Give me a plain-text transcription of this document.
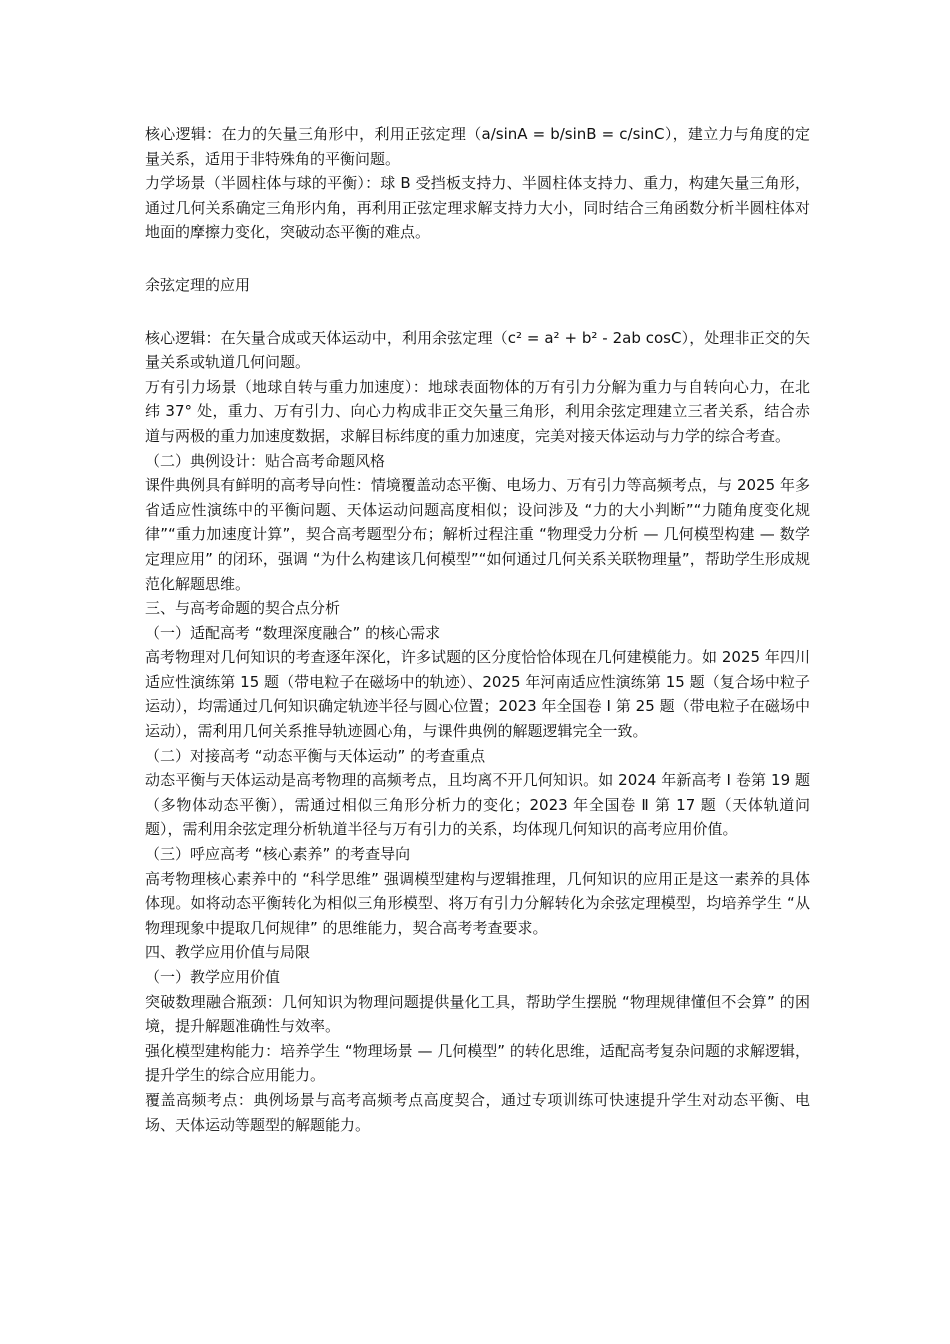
核心逻辑：在力的矢量三角形中，利用正弦定理（a/sinA = b/sinB = c/sinC），建立力与角度的定量关系，适用于非特殊角的平衡问题。

力学场景（半圆柱体与球的平衡）：球 B 受挡板支持力、半圆柱体支持力、重力，构建矢量三角形，通过几何关系确定三角形内角，再利用正弦定理求解支持力大小，同时结合三角函数分析半圆柱体对地面的摩擦力变化，突破动态平衡的难点。

余弦定理的应用

核心逻辑：在矢量合成或天体运动中，利用余弦定理（c² = a² + b² - 2ab cosC），处理非正交的矢量关系或轨道几何问题。

万有引力场景（地球自转与重力加速度）：地球表面物体的万有引力分解为重力与自转向心力，在北纬 37° 处，重力、万有引力、向心力构成非正交矢量三角形，利用余弦定理建立三者关系，结合赤道与两极的重力加速度数据，求解目标纬度的重力加速度，完美对接天体运动与力学的综合考查。

（二）典例设计：贴合高考命题风格

课件典例具有鲜明的高考导向性：情境覆盖动态平衡、电场力、万有引力等高频考点，与 2025 年多省适应性演练中的平衡问题、天体运动问题高度相似；设问涉及 “力的大小判断”“力随角度变化规律”“重力加速度计算”，契合高考题型分布；解析过程注重 “物理受力分析 — 几何模型构建 — 数学定理应用” 的闭环，强调 “为什么构建该几何模型”“如何通过几何关系关联物理量”，帮助学生形成规范化解题思维。

三、与高考命题的契合点分析

（一）适配高考 “数理深度融合” 的核心需求

高考物理对几何知识的考查逐年深化，许多试题的区分度恰恰体现在几何建模能力。如 2025 年四川适应性演练第 15 题（带电粒子在磁场中的轨迹）、2025 年河南适应性演练第 15 题（复合场中粒子运动），均需通过几何知识确定轨迹半径与圆心位置；2023 年全国卷 Ⅰ 第 25 题（带电粒子在磁场中运动），需利用几何关系推导轨迹圆心角，与课件典例的解题逻辑完全一致。

（二）对接高考 “动态平衡与天体运动” 的考查重点

动态平衡与天体运动是高考物理的高频考点，且均离不开几何知识。如 2024 年新高考 Ⅰ 卷第 19 题（多物体动态平衡），需通过相似三角形分析力的变化；2023 年全国卷 Ⅱ 第 17 题（天体轨道问题），需利用余弦定理分析轨道半径与万有引力的关系，均体现几何知识的高考应用价值。

（三）呼应高考 “核心素养” 的考查导向

高考物理核心素养中的 “科学思维” 强调模型建构与逻辑推理，几何知识的应用正是这一素养的具体体现。如将动态平衡转化为相似三角形模型、将万有引力分解转化为余弦定理模型，均培养学生 “从物理现象中提取几何规律” 的思维能力，契合高考考查要求。

四、教学应用价值与局限

（一）教学应用价值

突破数理融合瓶颈：几何知识为物理问题提供量化工具，帮助学生摆脱 “物理规律懂但不会算” 的困境，提升解题准确性与效率。

强化模型建构能力：培养学生 “物理场景 — 几何模型” 的转化思维，适配高考复杂问题的求解逻辑，提升学生的综合应用能力。

覆盖高频考点：典例场景与高考高频考点高度契合，通过专项训练可快速提升学生对动态平衡、电场、天体运动等题型的解题能力。
